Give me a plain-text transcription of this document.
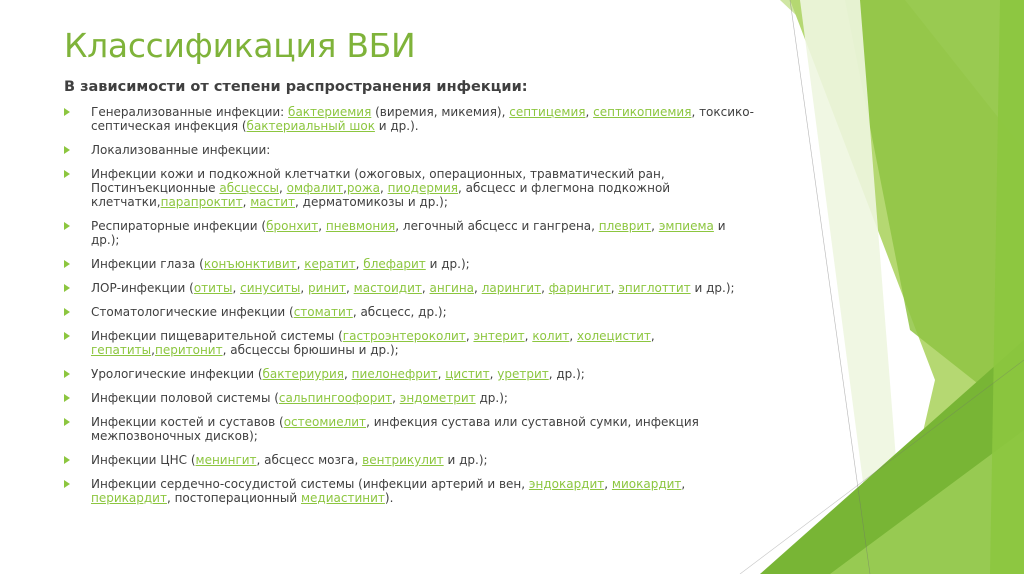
Классификация ВБИ
В зависимости от степени распространения инфекции:
Генерализованные инфекции: бактериемия (виремия, микемия), септицемия, септикопиемия, токсико-септическая инфекция (бактериальный шок и др.).
Локализованные инфекции:
Инфекции кожи и подкожной клетчатки (ожоговых, операционных, травматический ран, Постинъекционные абсцессы, омфалит,рожа, пиодермия, абсцесс и флегмона подкожной клетчатки,парапроктит, мастит, дерматомикозы и др.);
Респираторные инфекции (бронхит, пневмония, легочный абсцесс и гангрена, плеврит, эмпиема и др.);
Инфекции глаза (конъюнктивит, кератит, блефарит и др.);
ЛОР-инфекции (отиты, синуситы, ринит, мастоидит, ангина, ларингит, фарингит, эпиглоттит и др.);
Стоматологические инфекции (стоматит, абсцесс, др.);
Инфекции пищеварительной системы (гастроэнтероколит, энтерит, колит, холецистит, гепатиты,перитонит, абсцессы брюшины и др.);
Урологические инфекции (бактериурия, пиелонефрит, цистит, уретрит, др.);
Инфекции половой системы (сальпингоофорит, эндометрит др.);
Инфекции костей и суставов (остеомиелит, инфекция сустава или суставной сумки, инфекция межпозвоночных дисков);
Инфекции ЦНС (менингит, абсцесс мозга, вентрикулит и др.);
Инфекции сердечно-сосудистой системы (инфекции артерий и вен, эндокардит, миокардит, перикардит, постоперационный медиастинит).
